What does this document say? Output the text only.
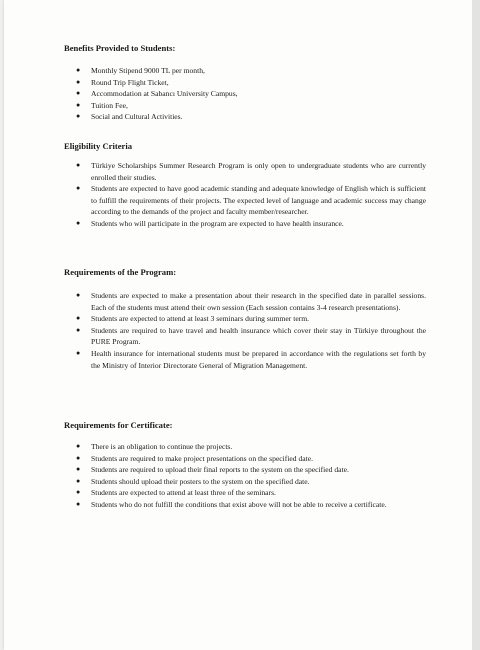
Benefits Provided to Students:

● Monthly Stipend 9000 TL per month,
● Round Trip Flight Ticket,
● Accommodation at Sabancı University Campus,
● Tuition Fee,
● Social and Cultural Activities.

Eligibility Criteria

● Türkiye Scholarships Summer Research Program is only open to undergraduate students who are currently enrolled their studies.
● Students are expected to have good academic standing and adequate knowledge of English which is sufficient to fulfill the requirements of their projects. The expected level of language and academic success may change according to the demands of the project and faculty member/researcher.
● Students who will participate in the program are expected to have health insurance.

Requirements of the Program:

● Students are expected to make a presentation about their research in the specified date in parallel sessions. Each of the students must attend their own session (Each session contains 3-4 research presentations).
● Students are expected to attend at least 3 seminars during summer term.
● Students are required to have travel and health insurance which cover their stay in Türkiye throughout the PURE Program.
● Health insurance for international students must be prepared in accordance with the regulations set forth by the Ministry of Interior Directorate General of Migration Management.

Requirements for Certificate:

● There is an obligation to continue the projects.
● Students are required to make project presentations on the specified date.
● Students are required to upload their final reports to the system on the specified date.
● Students should upload their posters to the system on the specified date.
● Students are expected to attend at least three of the seminars.
● Students who do not fulfill the conditions that exist above will not be able to receive a certificate.
